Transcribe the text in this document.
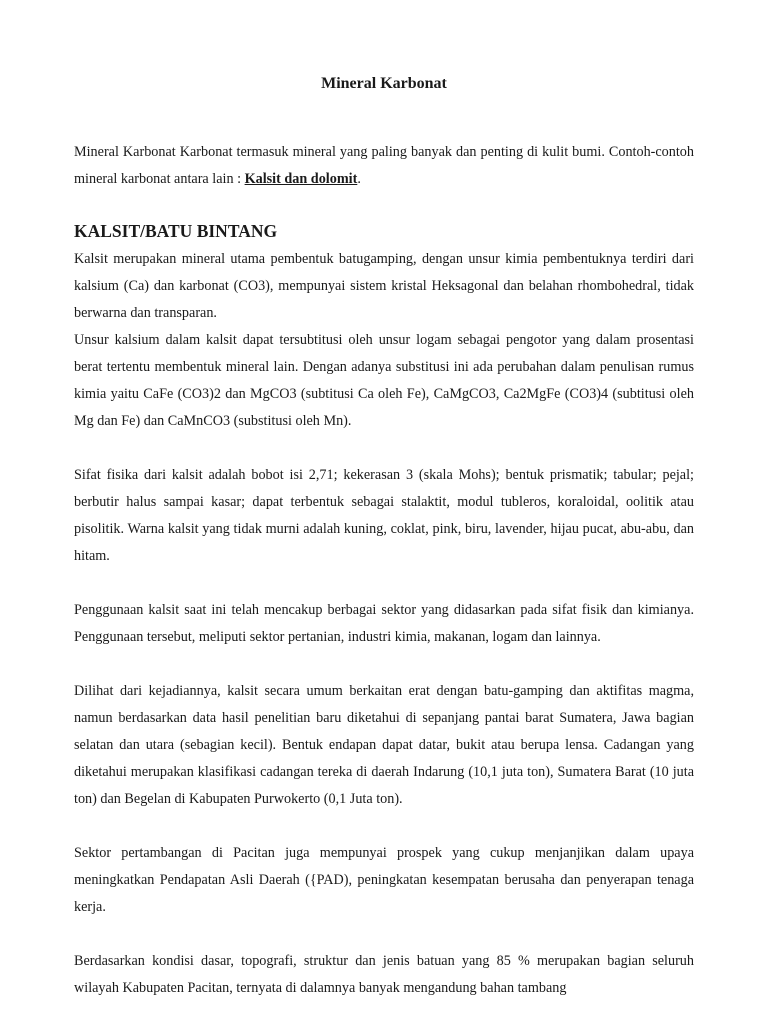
Mineral Karbonat

Mineral Karbonat Karbonat termasuk mineral yang paling banyak dan penting di kulit bumi. Contoh-contoh mineral karbonat antara lain : Kalsit dan dolomit.

KALSIT/BATU BINTANG

Kalsit merupakan mineral utama pembentuk batugamping, dengan unsur kimia pembentuknya terdiri dari kalsium (Ca) dan karbonat (CO3), mempunyai sistem kristal Heksagonal dan belahan rhombohedral, tidak berwarna dan transparan.

Unsur kalsium dalam kalsit dapat tersubtitusi oleh unsur logam sebagai pengotor yang dalam prosentasi berat tertentu membentuk mineral lain. Dengan adanya substitusi ini ada perubahan dalam penulisan rumus kimia yaitu CaFe (CO3)2 dan MgCO3 (subtitusi Ca oleh Fe), CaMgCO3, Ca2MgFe (CO3)4 (subtitusi oleh Mg dan Fe) dan CaMnCO3 (substitusi oleh Mn).

Sifat fisika dari kalsit adalah bobot isi 2,71; kekerasan 3 (skala Mohs); bentuk prismatik; tabular; pejal; berbutir halus sampai kasar; dapat terbentuk sebagai stalaktit, modul tubleros, koraloidal, oolitik atau pisolitik. Warna kalsit yang tidak murni adalah kuning, coklat, pink, biru, lavender, hijau pucat, abu-abu, dan hitam.

Penggunaan kalsit saat ini telah mencakup berbagai sektor yang didasarkan pada sifat fisik dan kimianya. Penggunaan tersebut, meliputi sektor pertanian, industri kimia, makanan, logam dan lainnya.

Dilihat dari kejadiannya, kalsit secara umum berkaitan erat dengan batu-gamping dan aktifitas magma, namun berdasarkan data hasil penelitian baru diketahui di sepanjang pantai barat Sumatera, Jawa bagian selatan dan utara (sebagian kecil). Bentuk endapan dapat datar, bukit atau berupa lensa. Cadangan yang diketahui merupakan klasifikasi cadangan tereka di daerah Indarung (10,1 juta ton), Sumatera Barat (10 juta ton) dan Begelan di Kabupaten Purwokerto (0,1 Juta ton).

Sektor pertambangan di Pacitan juga mempunyai prospek yang cukup menjanjikan dalam upaya meningkatkan Pendapatan Asli Daerah ({PAD), peningkatan kesempatan berusaha dan penyerapan tenaga kerja.

Berdasarkan kondisi dasar, topografi, struktur dan jenis batuan yang 85 % merupakan bagian seluruh wilayah Kabupaten Pacitan, ternyata di dalamnya banyak mengandung bahan tambang
